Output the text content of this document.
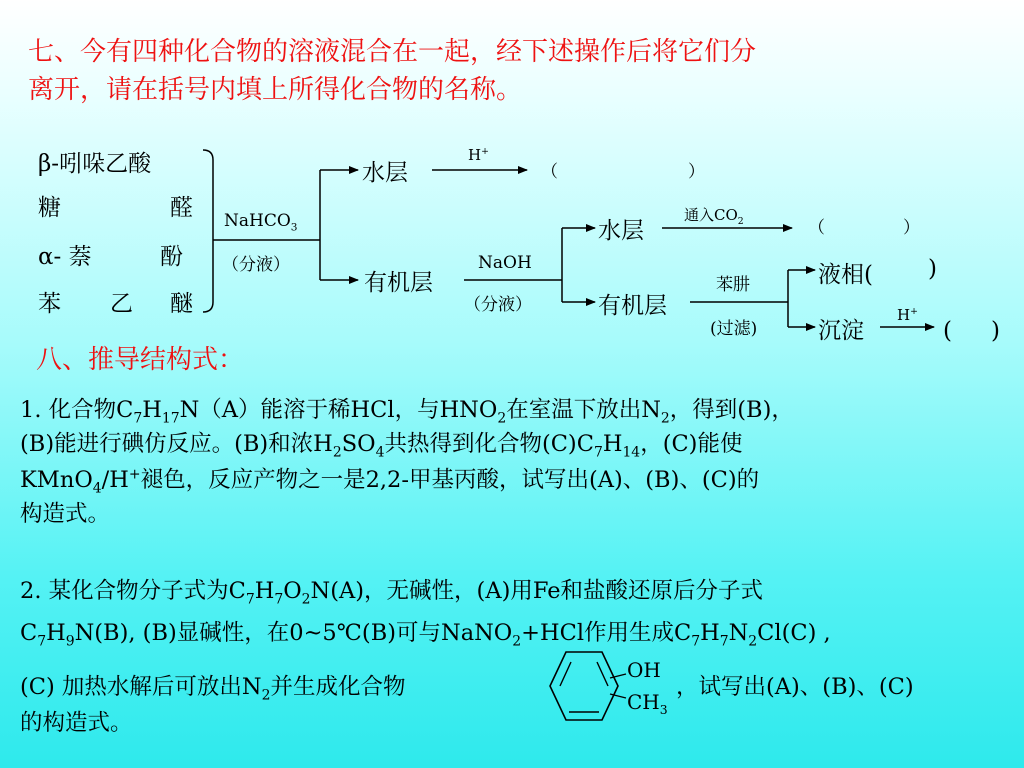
七、今有四种化合物的溶液混合在一起，经下述操作后将它们分
离开，请在括号内填上所得化合物的名称。
β-吲哚乙酸
糖	醛
α- 萘	酚
苯 乙 醚
NaHCO$_3$
（分液）
水层
H+
（	）
有机层
NaOH
（分液）
水层
通入$CO_2$	（	）
有机层
苯肼
(过滤)
液相( )
沉淀
H+
( )
八、推导结构式：
1. 化合物$C_7H_{17}N(A)$能溶于稀HCl，与$HNO_2$在室温下放出$N_2$，得到(B)，
(B)能进行碘仿反应。(B)和浓$H_2SO_4$共热得到化合物$(C)C_7H_{14}$，(C)能使
KMnO$_4$/H+褪色，反应产物之一是2,2-甲基丙酸，试写出(A)、(B)、(C)的
构造式。
2. 某化合物分子式为$C_7H_7O_2N(A)$，无碱性，(A)用Fe和盐酸还原后分子式
$C_7H_9N(B)$, (B)显碱性，在0~5℃(B)可与NaNO$_2$+HCl作用生成$C_7H_7N_2Cl(C)$ ,
(C) 加热水解后可放出$N_2$并生成化合物
OH
$CH_3$
，试写出(A)、(B)、(C)
的构造式。
